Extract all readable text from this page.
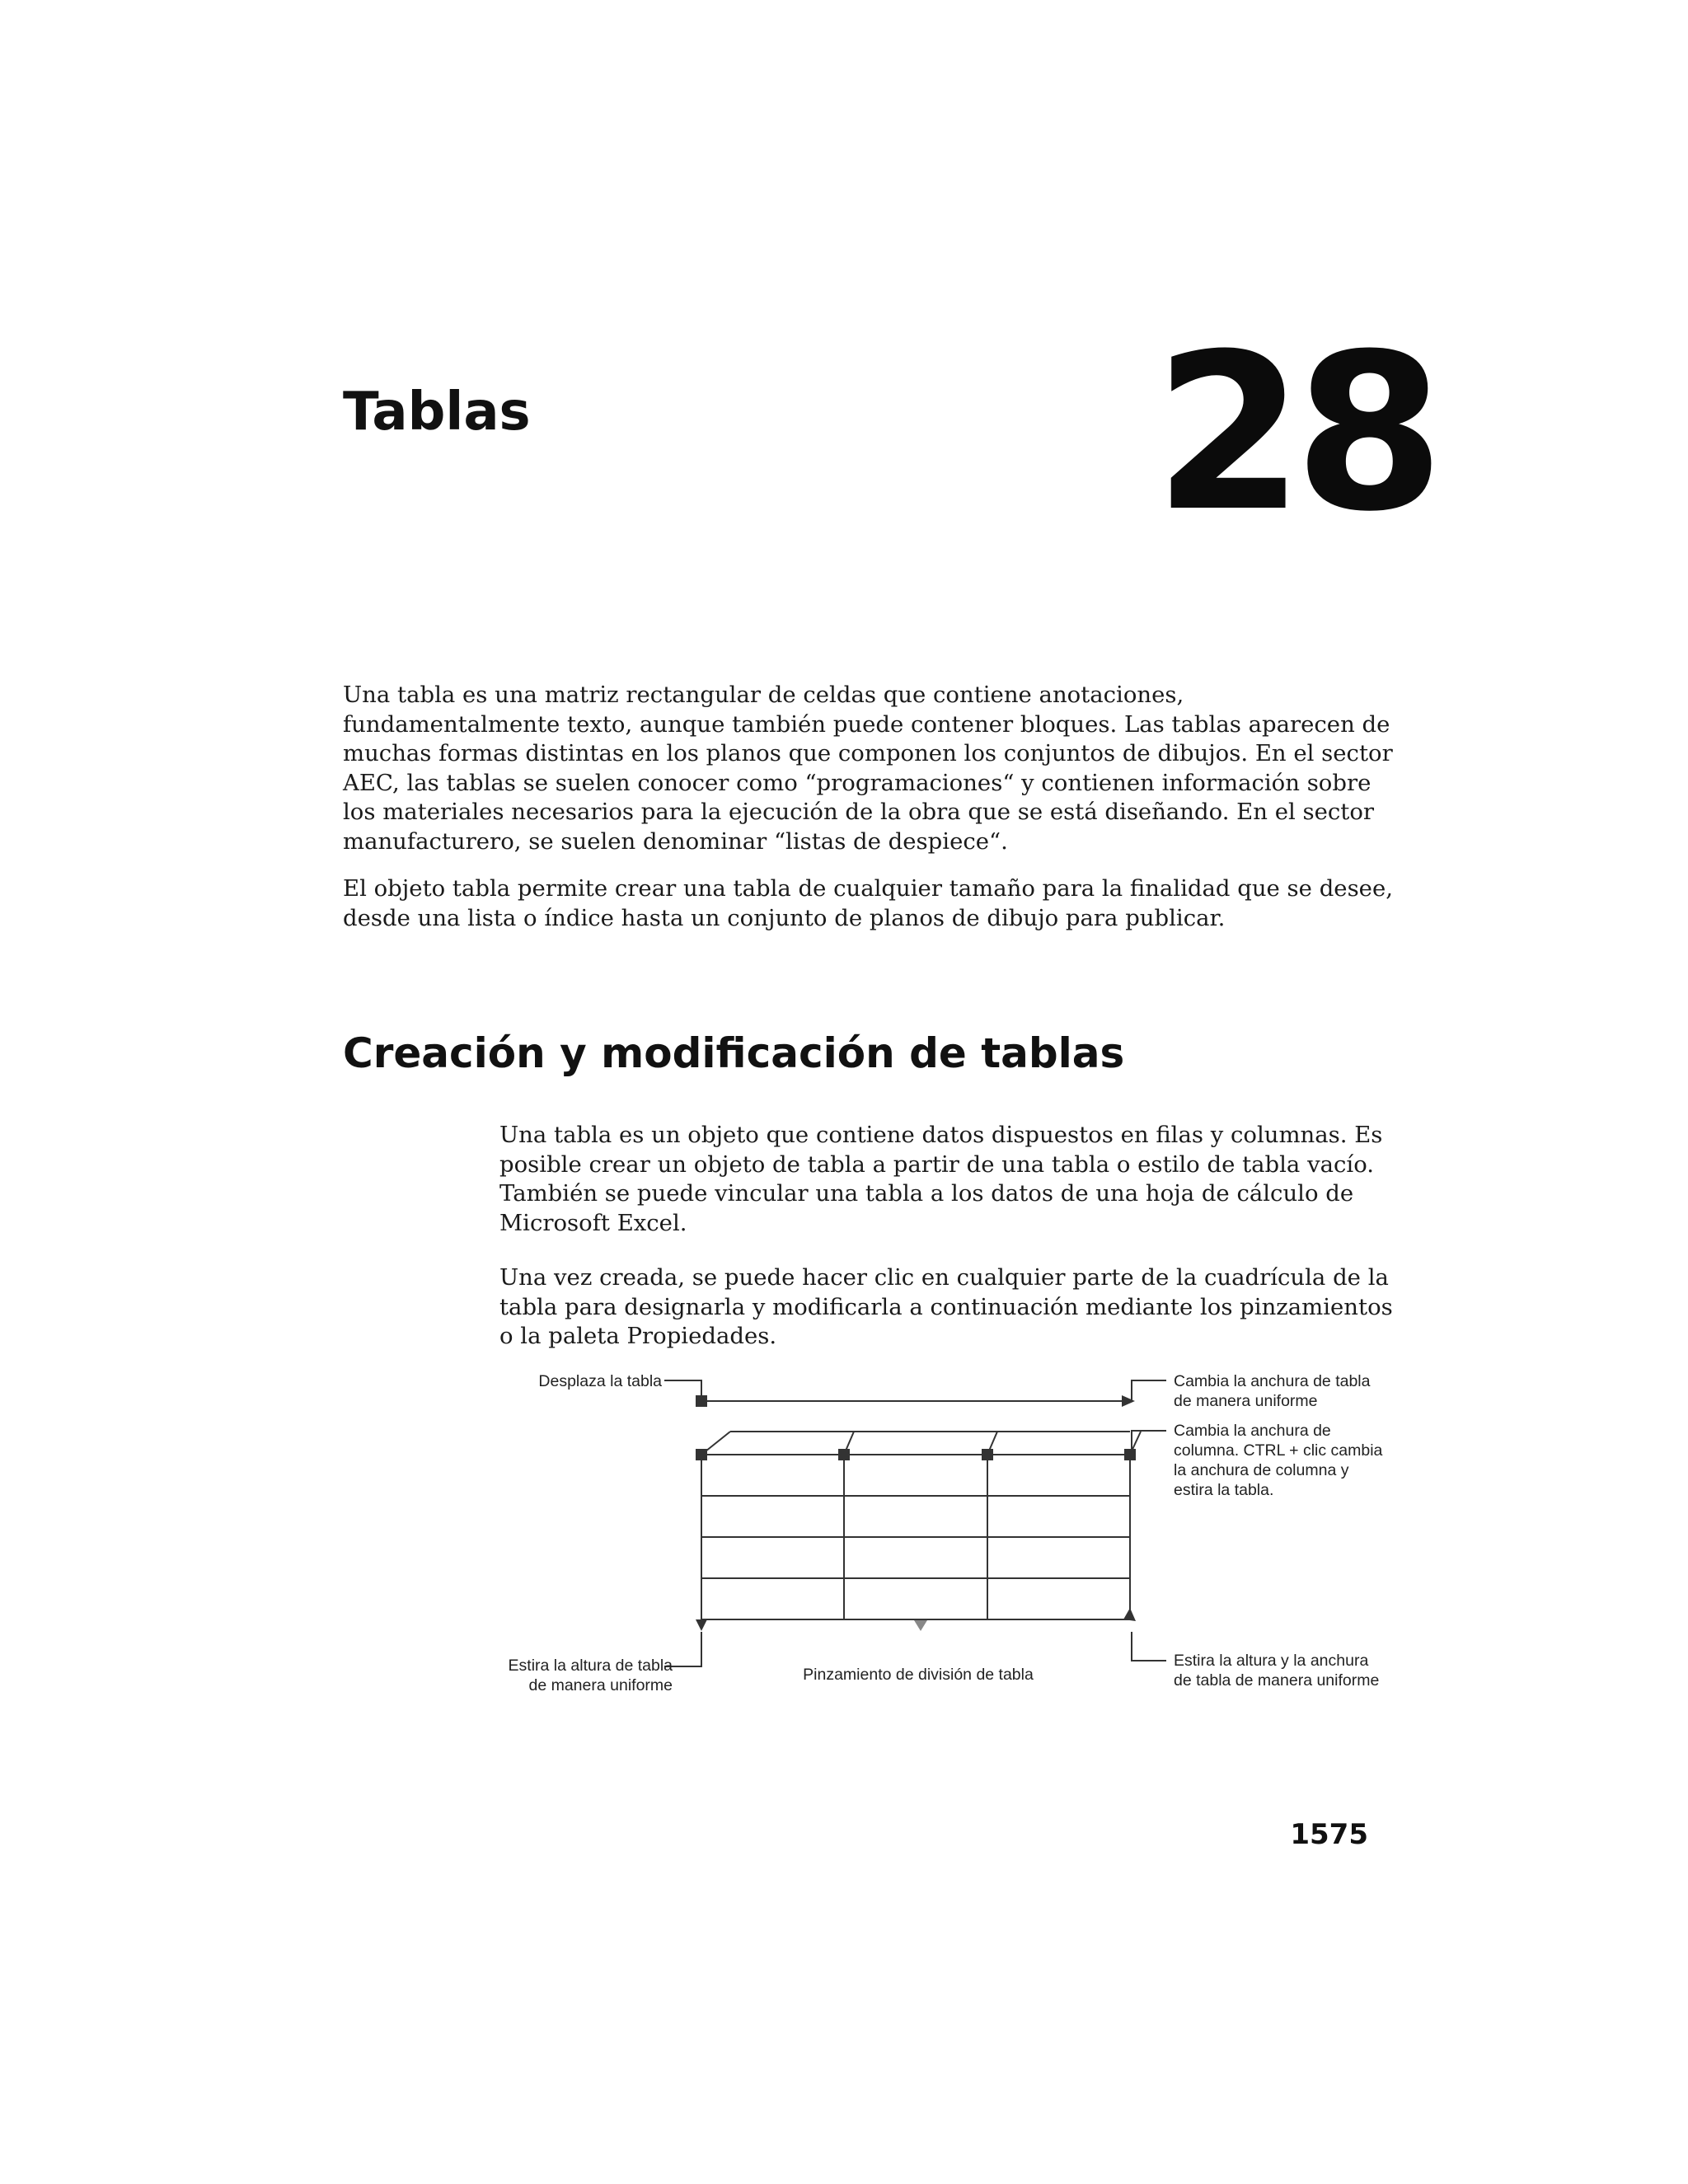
Tablas	28

Una tabla es una matriz rectangular de celdas que contiene anotaciones, fundamentalmente texto, aunque también puede contener bloques. Las tablas aparecen de muchas formas distintas en los planos que componen los conjuntos de dibujos. En el sector AEC, las tablas se suelen conocer como “programaciones“ y contienen información sobre los materiales necesarios para la ejecución de la obra que se está diseñando. En el sector manufacturero, se suelen denominar “listas de despiece“.

El objeto tabla permite crear una tabla de cualquier tamaño para la finalidad que se desee, desde una lista o índice hasta un conjunto de planos de dibujo para publicar.

Creación y modificación de tablas

Una tabla es un objeto que contiene datos dispuestos en filas y columnas. Es posible crear un objeto de tabla a partir de una tabla o estilo de tabla vacío. También se puede vincular una tabla a los datos de una hoja de cálculo de Microsoft Excel.

Una vez creada, se puede hacer clic en cualquier parte de la cuadrícula de la tabla para designarla y modificarla a continuación mediante los pinzamientos o la paleta Propiedades.

Desplaza la tabla	Cambia la anchura de tabla
de manera uniforme
Cambia la anchura de
columna. CTRL + clic cambia
la anchura de columna y
estira la tabla.
Estira la altura de tabla
de manera uniforme
Pinzamiento de división de tabla
Estira la altura y la anchura
de tabla de manera uniforme
1575
